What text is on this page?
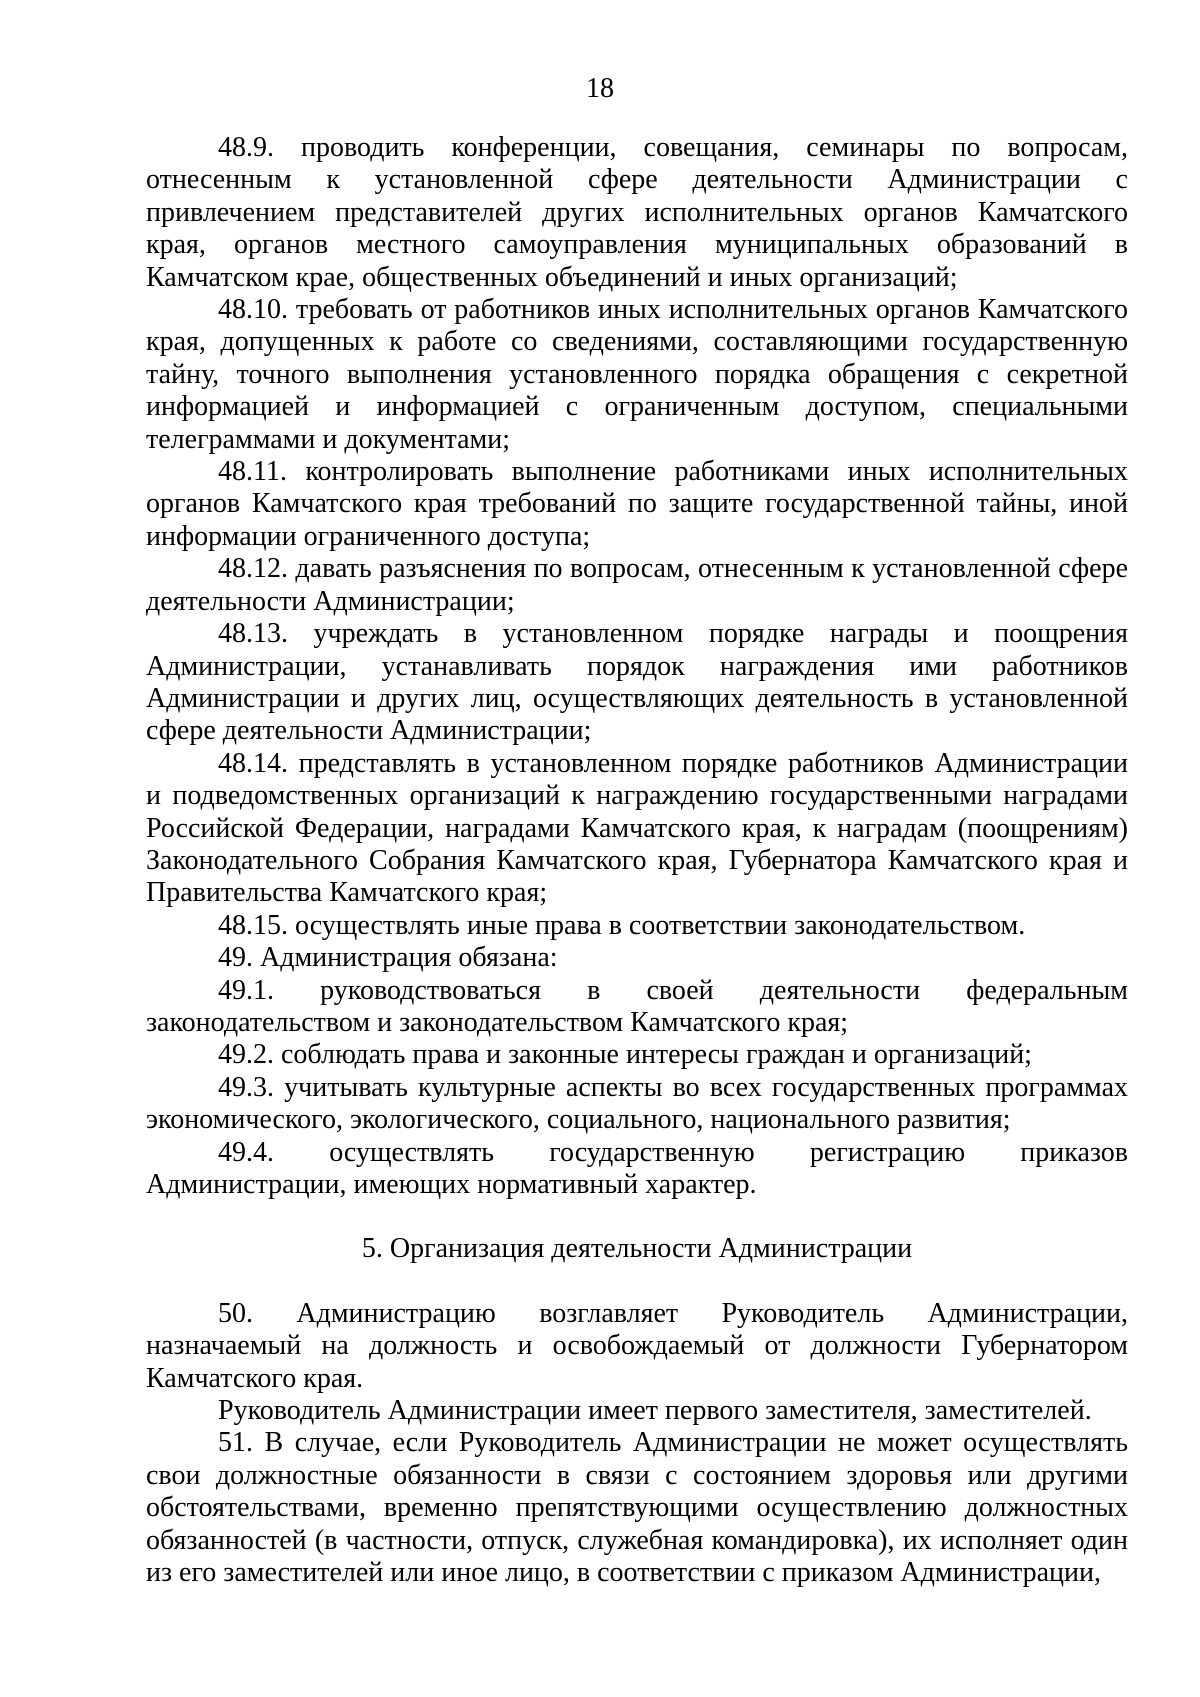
18

48.9. проводить конференции, совещания, семинары по вопросам, отнесенным к установленной сфере деятельности Администрации с привлечением представителей других исполнительных органов Камчатского края, органов местного самоуправления муниципальных образований в Камчатском крае, общественных объединений и иных организаций;

48.10. требовать от работников иных исполнительных органов Камчатского края, допущенных к работе со сведениями, составляющими государственную тайну, точного выполнения установленного порядка обращения с секретной информацией и информацией с ограниченным доступом, специальными телеграммами и документами;

48.11. контролировать выполнение работниками иных исполнительных органов Камчатского края требований по защите государственной тайны, иной информации ограниченного доступа;

48.12. давать разъяснения по вопросам, отнесенным к установленной сфере деятельности Администрации;

48.13. учреждать в установленном порядке награды и поощрения Администрации, устанавливать порядок награждения ими работников Администрации и других лиц, осуществляющих деятельность в установленной сфере деятельности Администрации;

48.14. представлять в установленном порядке работников Администрации и подведомственных организаций к награждению государственными наградами Российской Федерации, наградами Камчатского края, к наградам (поощрениям) Законодательного Собрания Камчатского края, Губернатора Камчатского края и Правительства Камчатского края;

48.15. осуществлять иные права в соответствии законодательством.

49. Администрация обязана:

49.1. руководствоваться в своей деятельности федеральным законодательством и законодательством Камчатского края;

49.2. соблюдать права и законные интересы граждан и организаций;

49.3. учитывать культурные аспекты во всех государственных программах экономического, экологического, социального, национального развития;

49.4. осуществлять государственную регистрацию приказов Администрации, имеющих нормативный характер.

5. Организация деятельности Администрации

50. Администрацию возглавляет Руководитель Администрации, назначаемый на должность и освобождаемый от должности Губернатором Камчатского края.

Руководитель Администрации имеет первого заместителя, заместителей.

51. В случае, если Руководитель Администрации не может осуществлять свои должностные обязанности в связи с состоянием здоровья или другими обстоятельствами, временно препятствующими осуществлению должностных обязанностей (в частности, отпуск, служебная командировка), их исполняет один из его заместителей или иное лицо, в соответствии с приказом Администрации,
